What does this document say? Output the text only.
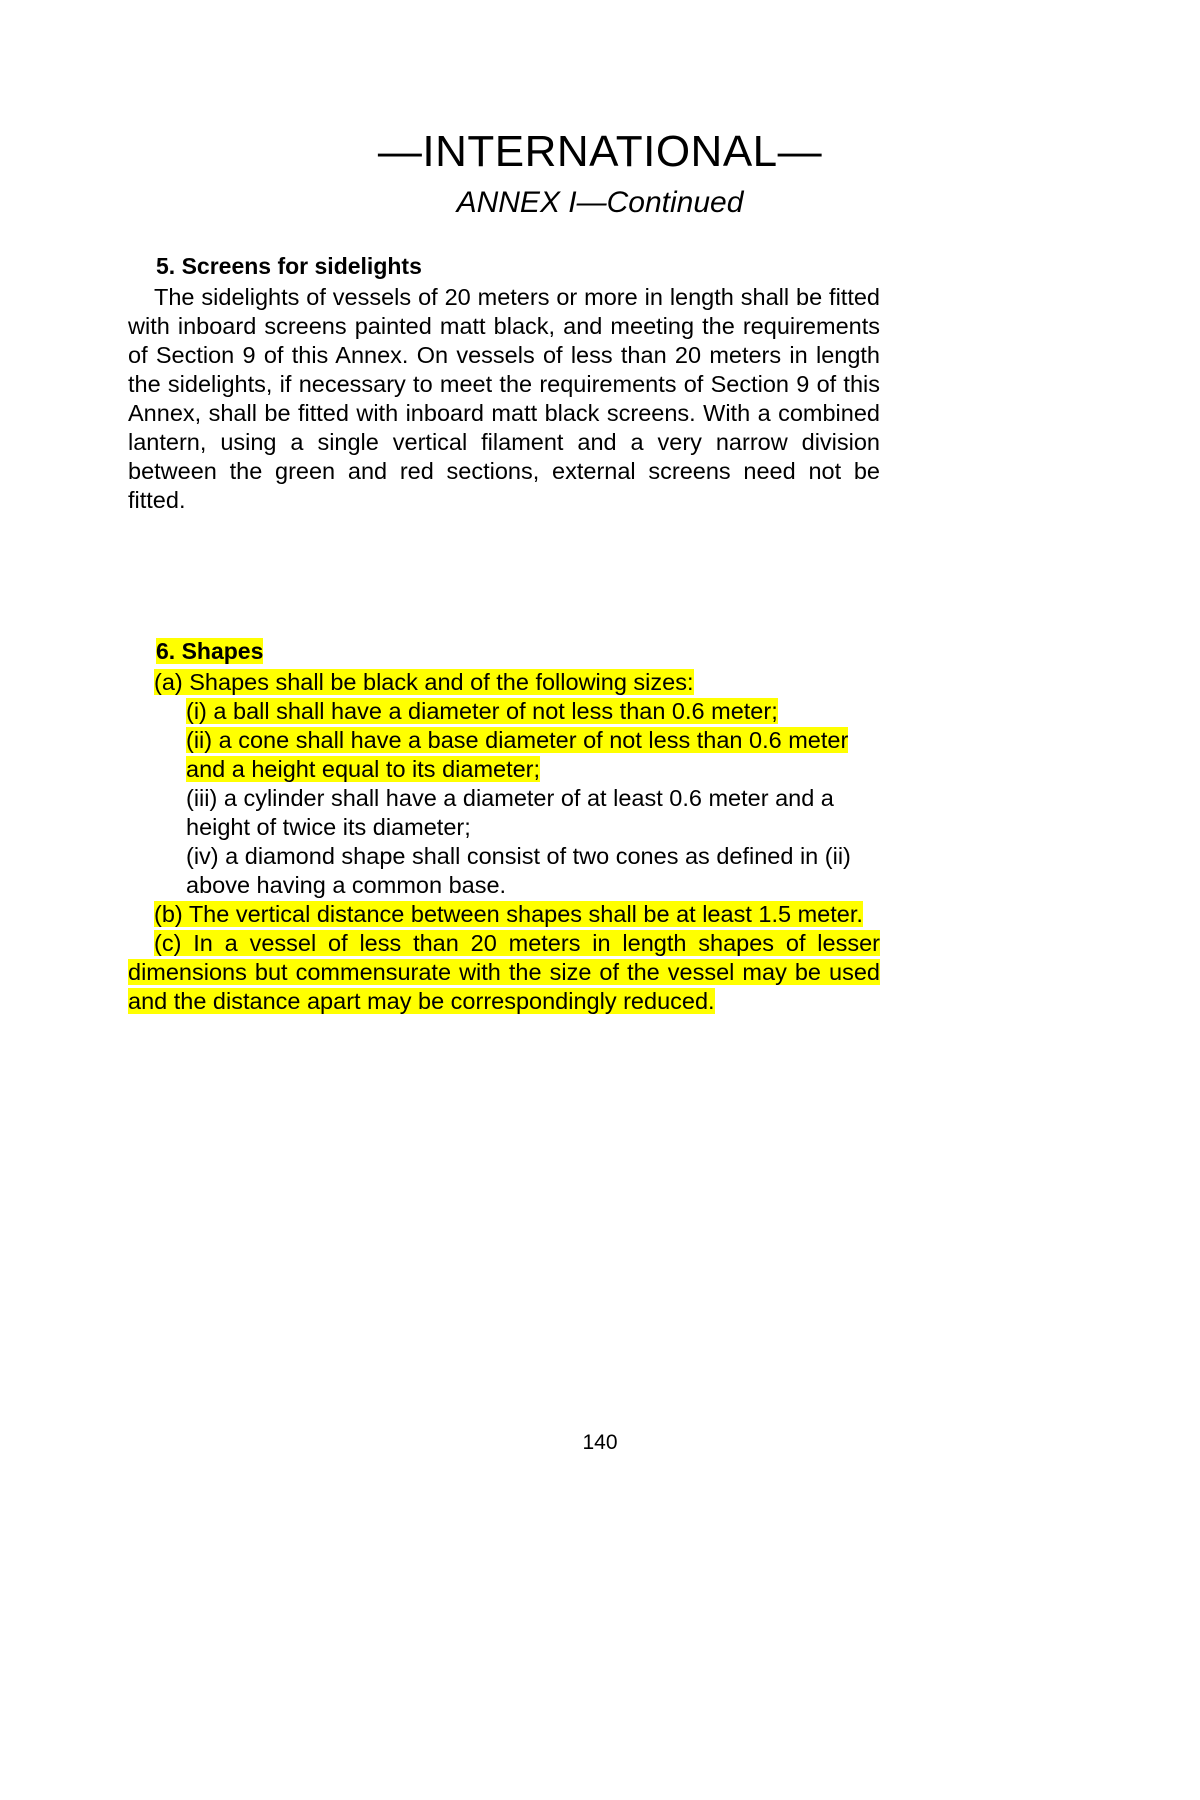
—INTERNATIONAL—
ANNEX I—Continued

5. Screens for sidelights

The sidelights of vessels of 20 meters or more in length shall be fitted with inboard screens painted matt black, and meeting the requirements of Section 9 of this Annex. On vessels of less than 20 meters in length the sidelights, if necessary to meet the requirements of Section 9 of this Annex, shall be fitted with inboard matt black screens. With a combined lantern, using a single vertical filament and a very narrow division between the green and red sections, external screens need not be fitted.

6. Shapes

(a) Shapes shall be black and of the following sizes:

(i) a ball shall have a diameter of not less than 0.6 meter;

(ii) a cone shall have a base diameter of not less than 0.6 meter and a height equal to its diameter;

(iii) a cylinder shall have a diameter of at least 0.6 meter and a height of twice its diameter;

(iv) a diamond shape shall consist of two cones as defined in (ii) above having a common base.

(b) The vertical distance between shapes shall be at least 1.5 meter.

(c) In a vessel of less than 20 meters in length shapes of lesser dimensions but commensurate with the size of the vessel may be used and the distance apart may be correspondingly reduced.

140
